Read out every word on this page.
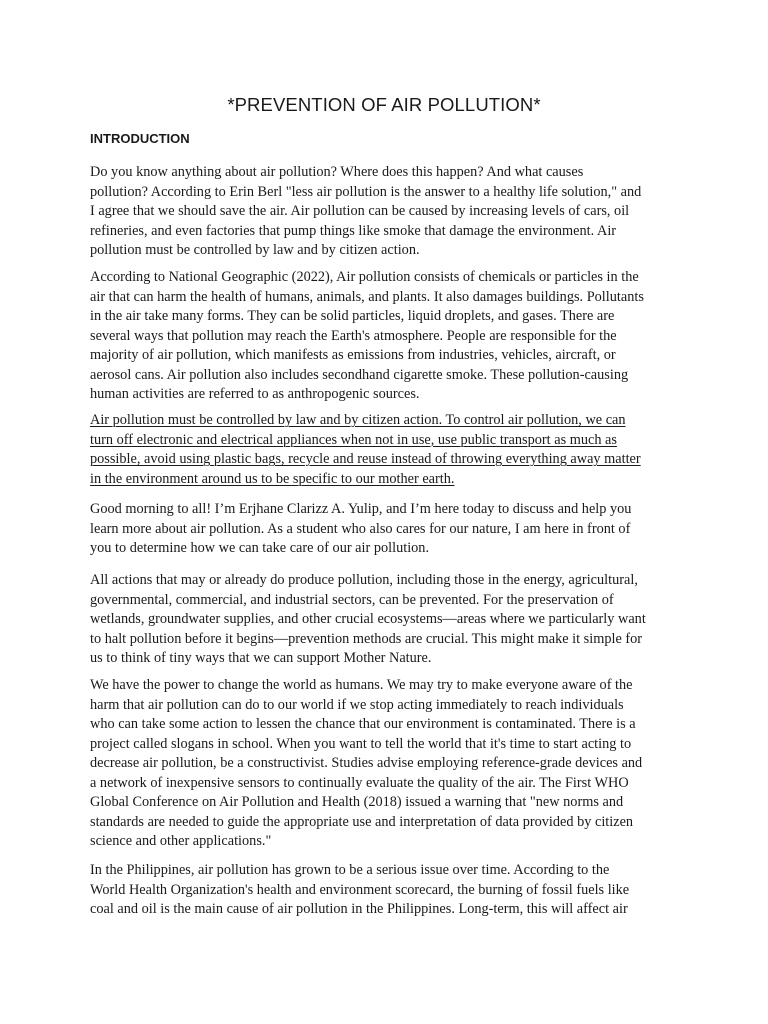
*PREVENTION OF AIR POLLUTION*
INTRODUCTION
Do you know anything about air pollution? Where does this happen? And what causes
pollution? According to Erin Berl "less air pollution is the answer to a healthy life solution," and
I agree that we should save the air. Air pollution can be caused by increasing levels of cars, oil
refineries, and even factories that pump things like smoke that damage the environment. Air
pollution must be controlled by law and by citizen action.
According to National Geographic (2022), Air pollution consists of chemicals or particles in the
air that can harm the health of humans, animals, and plants. It also damages buildings. Pollutants
in the air take many forms. They can be solid particles, liquid droplets, and gases. There are
several ways that pollution may reach the Earth's atmosphere. People are responsible for the
majority of air pollution, which manifests as emissions from industries, vehicles, aircraft, or
aerosol cans. Air pollution also includes secondhand cigarette smoke. These pollution-causing
human activities are referred to as anthropogenic sources.
Air pollution must be controlled by law and by citizen action. To control air pollution, we can
turn off electronic and electrical appliances when not in use, use public transport as much as
possible, avoid using plastic bags, recycle and reuse instead of throwing everything away matter
in the environment around us to be specific to our mother earth.
Good morning to all! I’m Erjhane Clarizz A. Yulip, and I’m here today to discuss and help you
learn more about air pollution. As a student who also cares for our nature, I am here in front of
you to determine how we can take care of our air pollution.
All actions that may or already do produce pollution, including those in the energy, agricultural,
governmental, commercial, and industrial sectors, can be prevented. For the preservation of
wetlands, groundwater supplies, and other crucial ecosystems—areas where we particularly want
to halt pollution before it begins—prevention methods are crucial. This might make it simple for
us to think of tiny ways that we can support Mother Nature.
We have the power to change the world as humans. We may try to make everyone aware of the
harm that air pollution can do to our world if we stop acting immediately to reach individuals
who can take some action to lessen the chance that our environment is contaminated. There is a
project called slogans in school. When you want to tell the world that it's time to start acting to
decrease air pollution, be a constructivist. Studies advise employing reference-grade devices and
a network of inexpensive sensors to continually evaluate the quality of the air. The First WHO
Global Conference on Air Pollution and Health (2018) issued a warning that "new norms and
standards are needed to guide the appropriate use and interpretation of data provided by citizen
science and other applications."
In the Philippines, air pollution has grown to be a serious issue over time. According to the
World Health Organization's health and environment scorecard, the burning of fossil fuels like
coal and oil is the main cause of air pollution in the Philippines. Long-term, this will affect air
